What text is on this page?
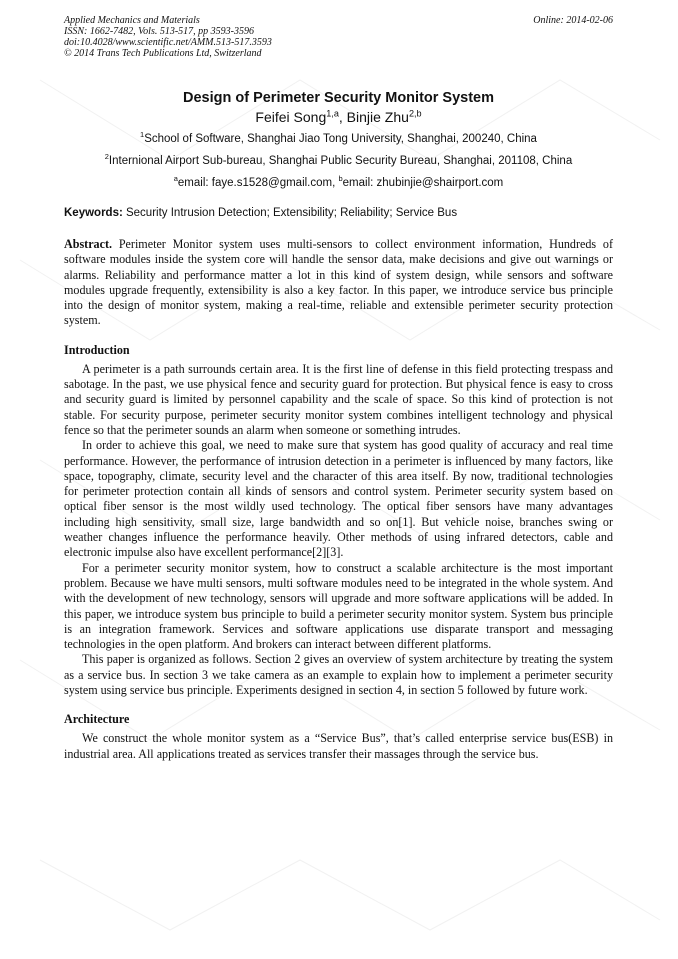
Applied Mechanics and Materials
ISSN: 1662-7482, Vols. 513-517, pp 3593-3596
doi:10.4028/www.scientific.net/AMM.513-517.3593
© 2014 Trans Tech Publications Ltd, Switzerland
Online: 2014-02-06
Design of Perimeter Security Monitor System
Feifei Song$^{1,a}$, Binjie Zhu$^{2,b}$
$^1$School of Software, Shanghai Jiao Tong University, Shanghai, 200240, China
$^2$Internional Airport Sub-bureau, Shanghai Public Security Bureau, Shanghai, 201108, China
$^a$email: faye.s1528@gmail.com, $^b$email: zhubinjie@shairport.com
Keywords: Security Intrusion Detection; Extensibility; Reliability; Service Bus

Abstract. Perimeter Monitor system uses multi-sensors to collect environment information, Hundreds of software modules inside the system core will handle the sensor data, make decisions and give out warnings or alarms. Reliability and performance matter a lot in this kind of system design, while sensors and software modules upgrade frequently, extensibility is also a key factor. In this paper, we introduce service bus principle into the design of monitor system, making a real-time, reliable and extensible perimeter security protection system.

Introduction

A perimeter is a path surrounds certain area. It is the first line of defense in this field protecting trespass and sabotage. In the past, we use physical fence and security guard for protection. But physical fence is easy to cross and security guard is limited by personnel capability and the scale of space. So this kind of protection is not stable. For security purpose, perimeter security monitor system combines intelligent technology and physical fence so that the perimeter sounds an alarm when someone or something intrudes.

In order to achieve this goal, we need to make sure that system has good quality of accuracy and real time performance. However, the performance of intrusion detection in a perimeter is influenced by many factors, like space, topography, climate, security level and the character of this area itself. By now, traditional technologies for perimeter protection contain all kinds of sensors and control system. Perimeter security system based on optical fiber sensor is the most wildly used technology. The optical fiber sensors have many advantages including high sensitivity, small size, large bandwidth and so on[1]. But vehicle noise, branches swing or weather changes influence the performance heavily. Other methods of using infrared detectors, cable and electronic impulse also have excellent performance[2][3].

For a perimeter security monitor system, how to construct a scalable architecture is the most important problem. Because we have multi sensors, multi software modules need to be integrated in the whole system. And with the development of new technology, sensors will upgrade and more software applications will be added. In this paper, we introduce system bus principle to build a perimeter security monitor system. System bus principle is an integration framework. Services and software applications use disparate transport and messaging technologies in the open platform. And brokers can interact between different platforms.

This paper is organized as follows. Section 2 gives an overview of system architecture by treating the system as a service bus. In section 3 we take camera as an example to explain how to implement a perimeter security system using service bus principle. Experiments designed in section 4, in section 5 followed by future work.

Architecture

We construct the whole monitor system as a “Service Bus”, that’s called enterprise service bus(ESB) in industrial area. All applications treated as services transfer their massages through the service bus.
